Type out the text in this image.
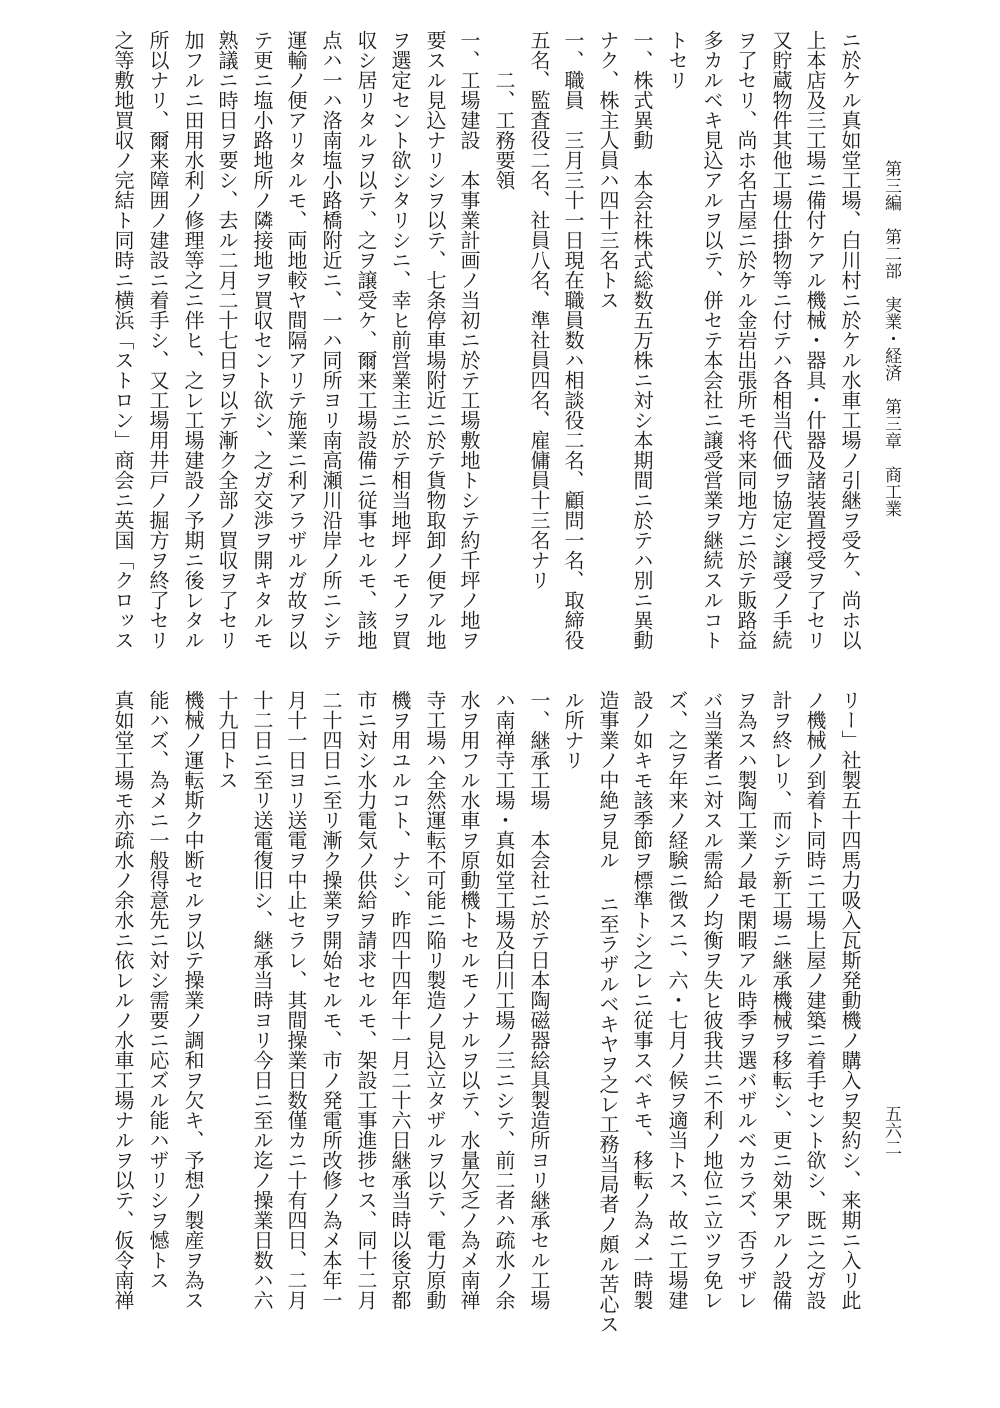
第三編　第二部　実業・経済　第三章　商工業
五六二
ニ於ケル真如堂工場、白川村ニ於ケル水車工場ノ引継ヲ受ケ、尚ホ以
上本店及三工場ニ備付ケアル機械・器具・什器及諸装置授受ヲ了セリ
又貯蔵物件其他工場仕掛物等ニ付テハ各相当代価ヲ協定シ譲受ノ手続
ヲ了セリ、尚ホ名古屋ニ於ケル金岩出張所モ将来同地方ニ於テ販路益
多カルベキ見込アルヲ以テ、併セテ本会社ニ譲受営業ヲ継続スルコト
トセリ
一、株式異動　本会社株式総数五万株ニ対シ本期間ニ於テハ別ニ異動
ナク、株主人員ハ四十三名トス
一、職員　三月三十一日現在職員数ハ相談役二名、顧問一名、取締役
五名、監査役二名、社員八名、準社員四名、雇傭員十三名ナリ
　　二、工務要領
一、工場建設　本事業計画ノ当初ニ於テ工場敷地トシテ約千坪ノ地ヲ
要スル見込ナリシヲ以テ、七条停車場附近ニ於テ貨物取卸ノ便アル地
ヲ選定セント欲シタリシニ、幸ヒ前営業主ニ於テ相当地坪ノモノヲ買
収シ居リタルヲ以テ、之ヲ譲受ケ、爾来工場設備ニ従事セルモ、該地
点ハ一ハ洛南塩小路橋附近ニ、一ハ同所ヨリ南高瀬川沿岸ノ所ニシテ
運輸ノ便アリタルモ、両地較ヤ間隔アリテ施業ニ利アラザルガ故ヲ以
テ更ニ塩小路地所ノ隣接地ヲ買収セント欲シ、之ガ交渉ヲ開キタルモ
熟議ニ時日ヲ要シ、去ル二月二十七日ヲ以テ漸ク全部ノ買収ヲ了セリ
加フルニ田用水利ノ修理等之ニ伴ヒ、之レ工場建設ノ予期ニ後レタル
所以ナリ、爾来障囲ノ建設ニ着手シ、又工場用井戸ノ掘方ヲ終了セリ
之等敷地買収ノ完結ト同時ニ横浜「ストロン」商会ニ英国「クロッス
リー」社製五十四馬力吸入瓦斯発動機ノ購入ヲ契約シ、来期ニ入リ此
ノ機械ノ到着ト同時ニ工場上屋ノ建築ニ着手セント欲シ、既ニ之ガ設
計ヲ終レリ、而シテ新工場ニ継承機械ヲ移転シ、更ニ効果アルノ設備
ヲ為スハ製陶工業ノ最モ閑暇アル時季ヲ選バザルベカラズ、否ラザレ
バ当業者ニ対スル需給ノ均衡ヲ失ヒ彼我共ニ不利ノ地位ニ立ツヲ免レ
ズ、之ヲ年来ノ経験ニ徴スニ、六・七月ノ候ヲ適当トス、故ニ工場建
設ノ如キモ該季節ヲ標準トシ之レニ従事スベキモ、移転ノ為メ一時製
造事業ノ中絶ヲ見ル ニ至ラザルベキヤヲ之レ工務当局者ノ頗ル苦心ス
ル所ナリ
一、継承工場　本会社ニ於テ日本陶磁器絵具製造所ヨリ継承セル工場
ハ南禅寺工場・真如堂工場及白川工場ノ三ニシテ、前二者ハ疏水ノ余
水ヲ用フル水車ヲ原動機トセルモノナルヲ以テ、水量欠乏ノ為メ南禅
寺工場ハ全然運転不可能ニ陥リ製造ノ見込立タザルヲ以テ、電力原動
機ヲ用ユルコト、ナシ、昨四十四年十一月二十六日継承当時以後京都
市ニ対シ水力電気ノ供給ヲ請求セルモ、架設工事進捗セス、同十二月
二十四日ニ至リ漸ク操業ヲ開始セルモ、市ノ発電所改修ノ為メ本年一
月十一日ヨリ送電ヲ中止セラレ、其間操業日数僅カニ十有四日、二月
十二日ニ至リ送電復旧シ、継承当時ヨリ今日ニ至ル迄ノ操業日数ハ六
十九日トス
機械ノ運転斯ク中断セルヲ以テ操業ノ調和ヲ欠キ、予想ノ製産ヲ為ス
能ハズ、為メニ一般得意先ニ対シ需要ニ応ズル能ハザリシヲ憾トス
真如堂工場モ亦疏水ノ余水ニ依レルノ水車工場ナルヲ以テ、仮令南禅
